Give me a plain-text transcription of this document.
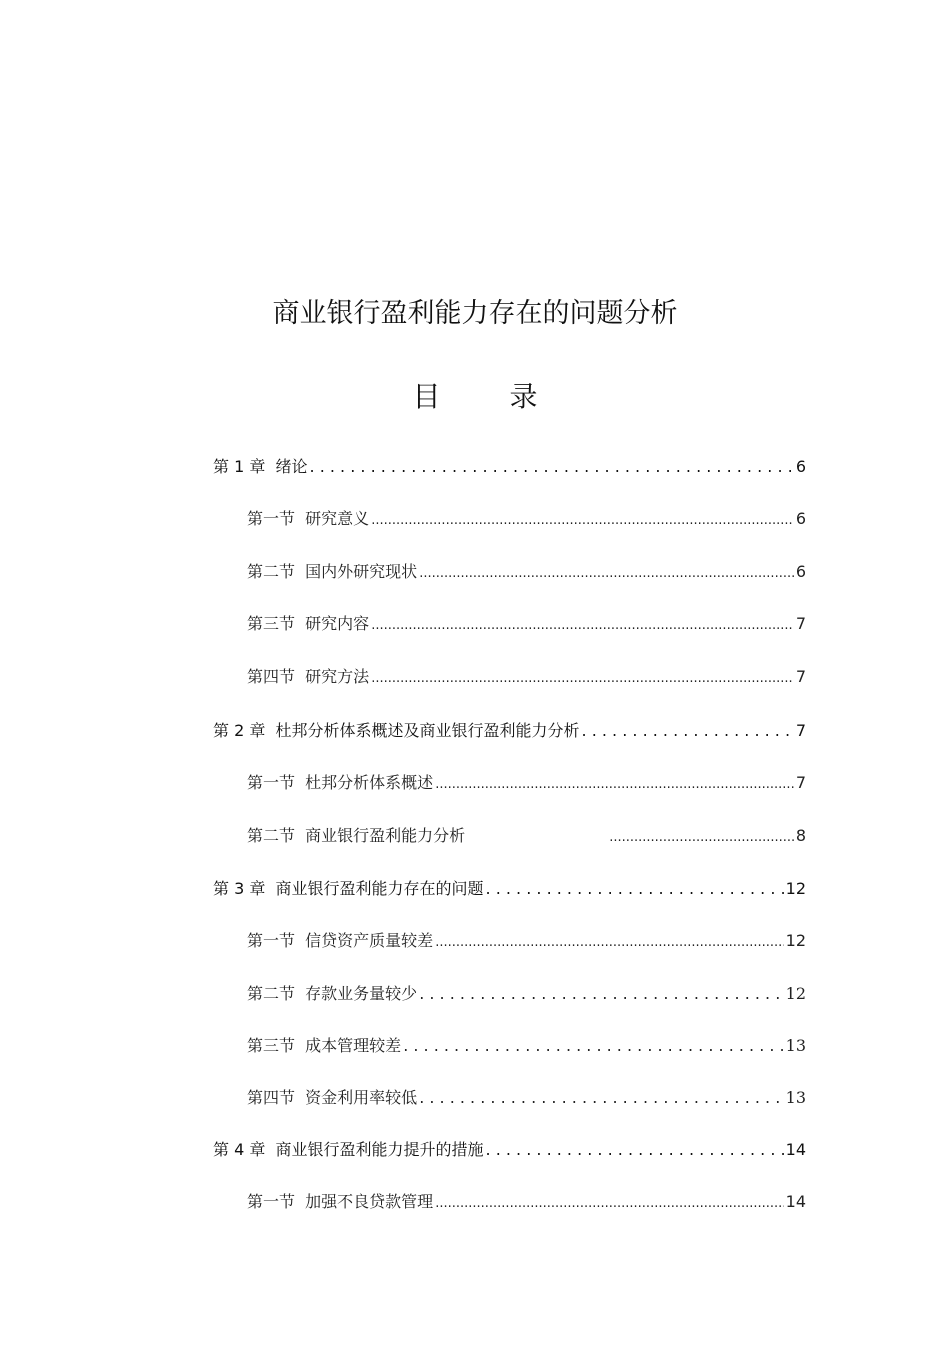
商业银行盈利能力存在的问题分析
目 录
第 1 章  绪论 . . .	6
第一节  研究意义 .....	6
第二节  国内外研究现状 .....	6
第三节  研究内容 .....	7
第四节  研究方法 .....	7
第 2 章  杜邦分析体系概述及商业银行盈利能力分析 . . .	7
第一节  杜邦分析体系概述 .....	7
第二节  商业银行盈利能力分析 .....	8
第 3 章  商业银行盈利能力存在的问题 . . .	12
第一节  信贷资产质量较差 .....	12
第二节  存款业务量较少 . . .	12
第三节  成本管理较差 . . .	13
第四节  资金利用率较低 . . .	13
第 4 章  商业银行盈利能力提升的措施 . . .	14
第一节  加强不良贷款管理 .....	14
